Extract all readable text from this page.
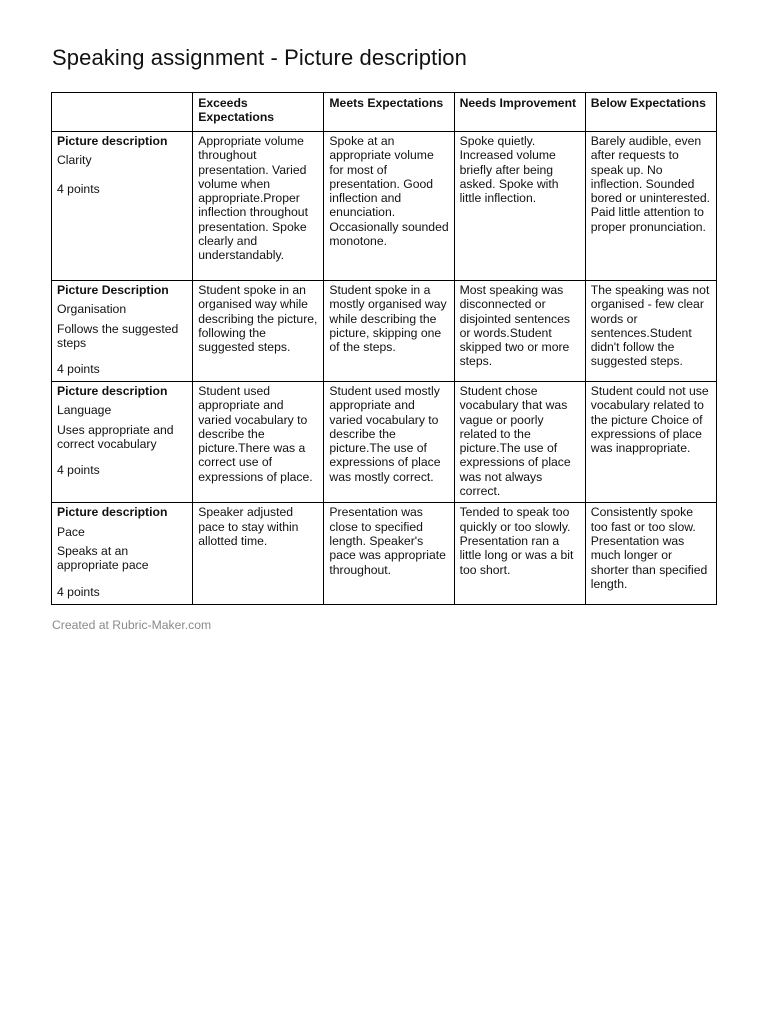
Speaking assignment - Picture description
	Exceeds Expectations	Meets Expectations	Needs Improvement	Below Expectations

Picture description
Clarity
4 points	Appropriate volume throughout presentation. Varied volume when appropriate.Proper inflection throughout presentation. Spoke clearly and understandably.	Spoke at an appropriate volume for most of presentation. Good inflection and enunciation. Occasionally sounded monotone.	Spoke quietly. Increased volume briefly after being asked. Spoke with little inflection.	Barely audible, even after requests to speak up. No inflection. Sounded bored or uninterested. Paid little attention to proper pronunciation.

Picture Description
Organisation
Follows the suggested steps
4 points	Student spoke in an organised way while describing the picture, following the suggested steps.	Student spoke in a mostly organised way while describing the picture, skipping one of the steps.	Most speaking was disconnected or disjointed sentences or words.Student skipped two or more steps.	The speaking was not organised - few clear words or sentences.Student didn't follow the suggested steps.

Picture description
Language
Uses appropriate and correct vocabulary
4 points	Student used appropriate and varied vocabulary to describe the picture.There was a correct use of expressions of place.	Student used mostly appropriate and varied vocabulary to describe the picture.The use of expressions of place was mostly correct.	Student chose vocabulary that was vague or poorly related to the picture.The use of expressions of place was not always correct.	Student could not use vocabulary related to the picture Choice of expressions of place was inappropriate.

Picture description
Pace
Speaks at an appropriate pace
4 points	Speaker adjusted pace to stay within allotted time.	Presentation was close to specified length. Speaker's pace was appropriate throughout.	Tended to speak too quickly or too slowly. Presentation ran a little long or was a bit too short.	Consistently spoke too fast or too slow. Presentation was much longer or shorter than specified length.

Created at Rubric-Maker.com
